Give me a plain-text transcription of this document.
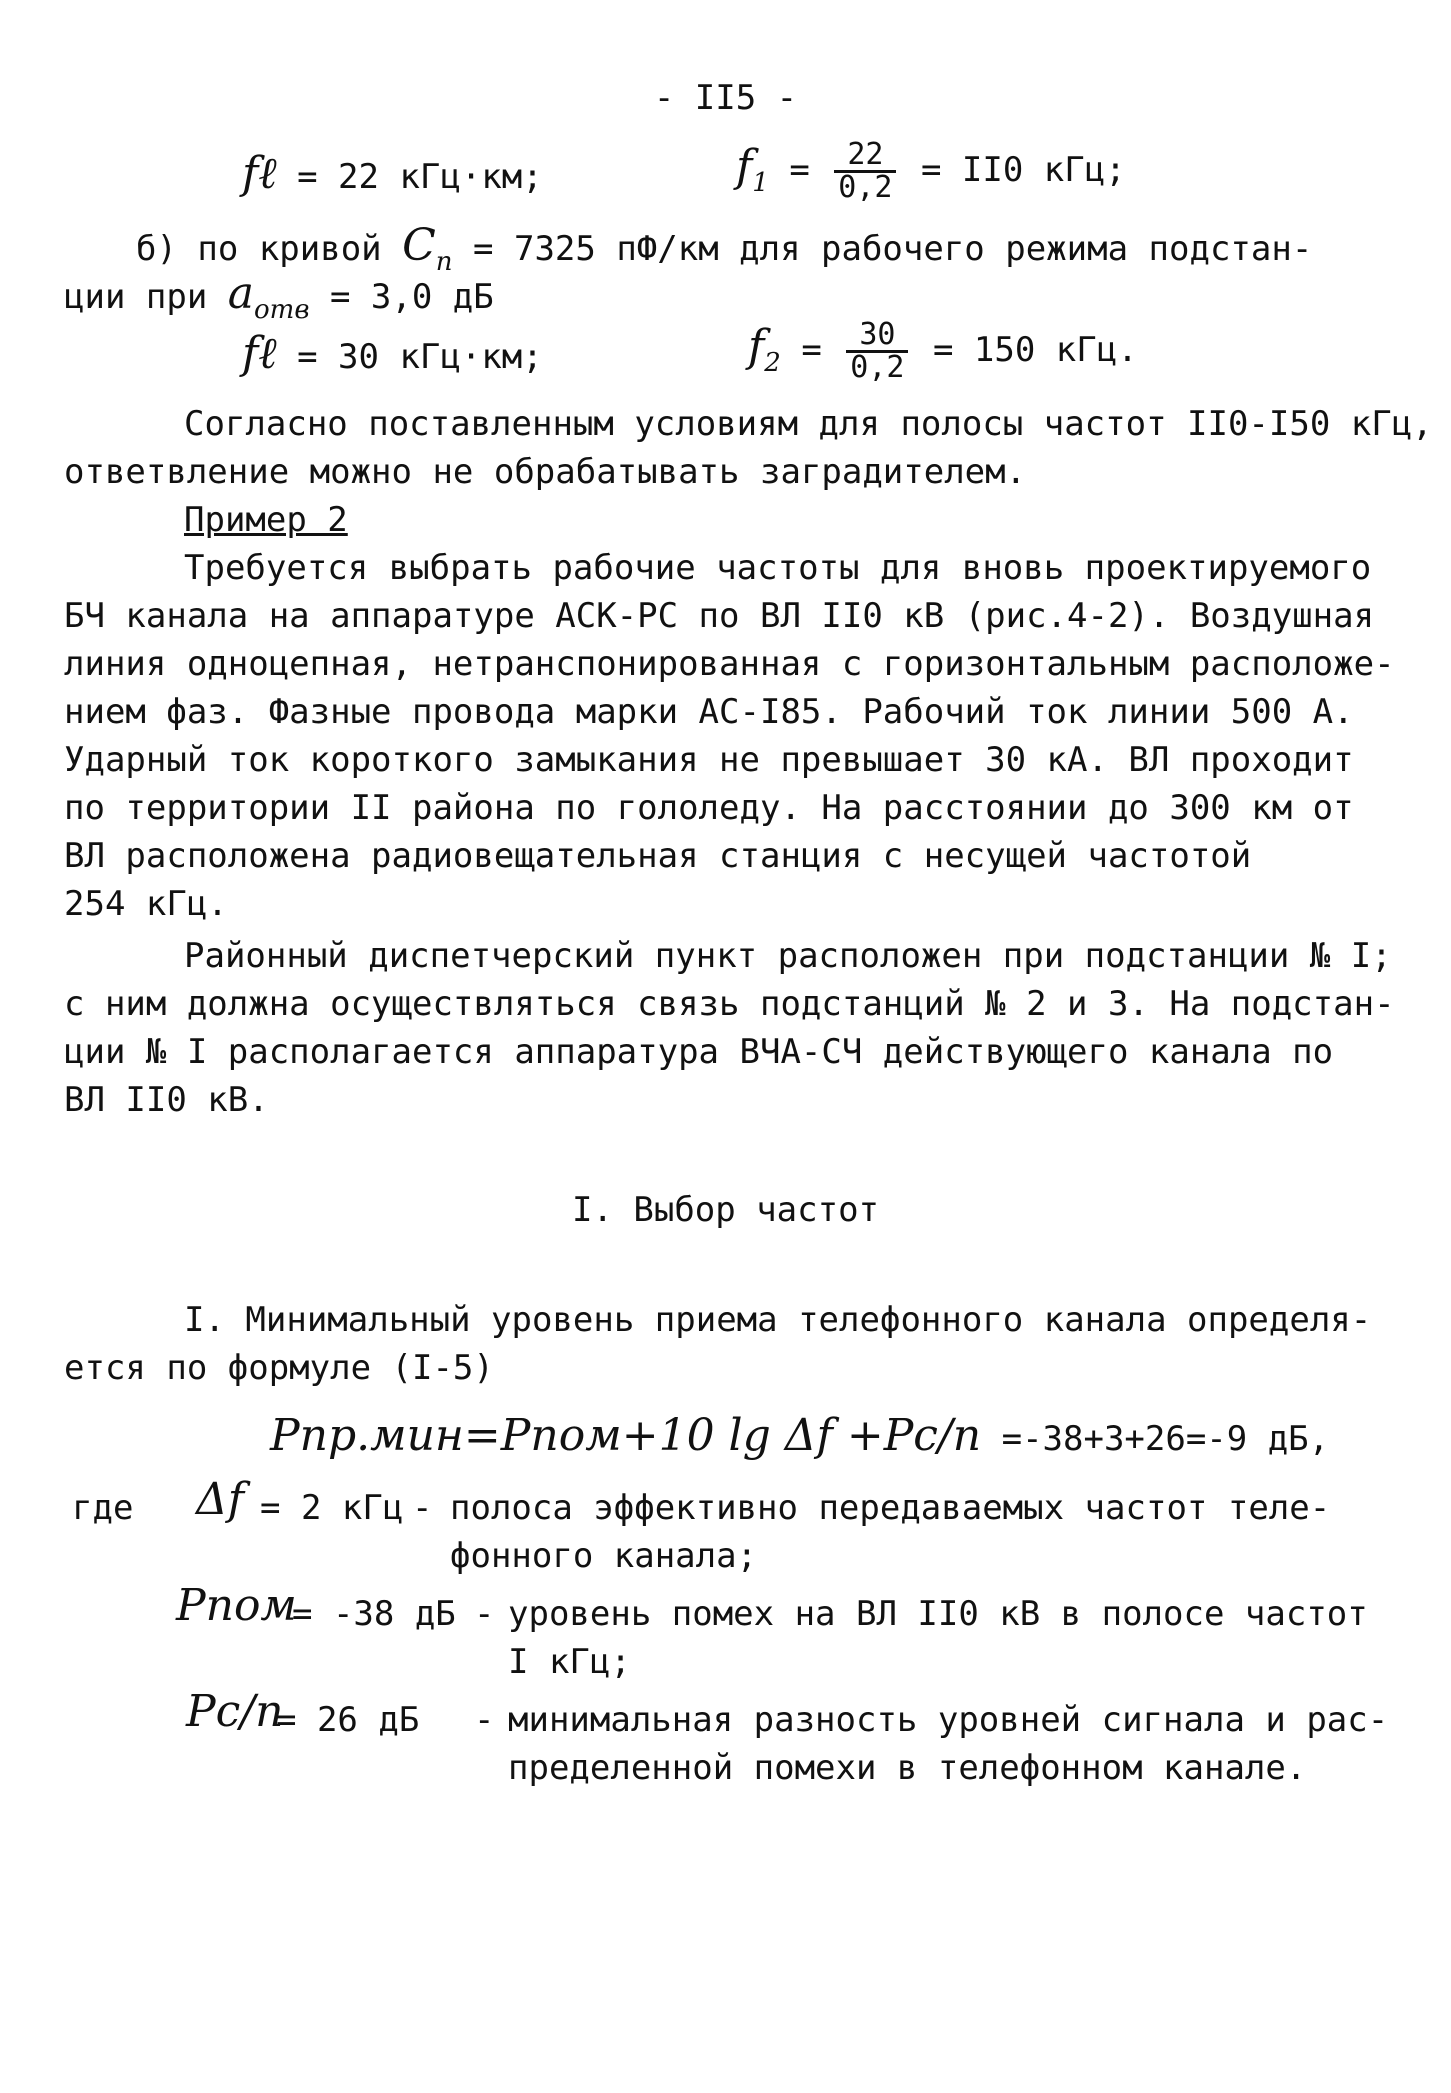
- II5 -
fℓ = 22 кГц·км;	$f_1 = \frac{22}{0,2} = II0$ кГц;
б) по кривой $C_п = 7325$ пФ/км для рабочего режима подстан-
ции при $a_{отв} = 3,0$ дБ
fℓ = 30 кГц·км;	$f_2 = \frac{30}{0,2} = 150$ кГц.
Согласно поставленным условиям для полосы частот II0-I50 кГц,
ответвление можно не обрабатывать заградителем.
Пример 2
Требуется выбрать рабочие частоты для вновь проектируемого
БЧ канала на аппаратуре АСК-РС по ВЛ II0 кВ (рис.4-2). Воздушная
линия одноцепная, нетранспонированная с горизонтальным расположе-
нием фаз. Фазные провода марки АС-I85. Рабочий ток линии 500 А.
Ударный ток короткого замыкания не превышает 30 кА. ВЛ проходит
по территории II района по гололеду. На расстоянии до 300 км от
ВЛ расположена радиовещательная станция с несущей частотой
254 кГц.
Районный диспетчерский пункт расположен при подстанции № I;
с ним должна осуществляться связь подстанций № 2 и 3. На подстан-
ции № I располагается аппаратура ВЧА-СЧ действующего канала по
ВЛ II0 кВ.
I. Выбор частот
I. Минимальный уровень приема телефонного канала определя-
ется по формуле (I-5)
Pпр.мин=Pпом+10 lg Δf +Pс/п =-38+3+26=-9 дБ,
где Δf = 2 кГц - полоса эффективно передаваемых частот теле-
фонного канала;
Pпом
= -38 дБ - уровень помех на ВЛ II0 кВ в полосе частот
I кГц;
Pс/п
= 26 дБ - минимальная разность уровней сигнала и рас-
пределенной помехи в телефонном канале.
